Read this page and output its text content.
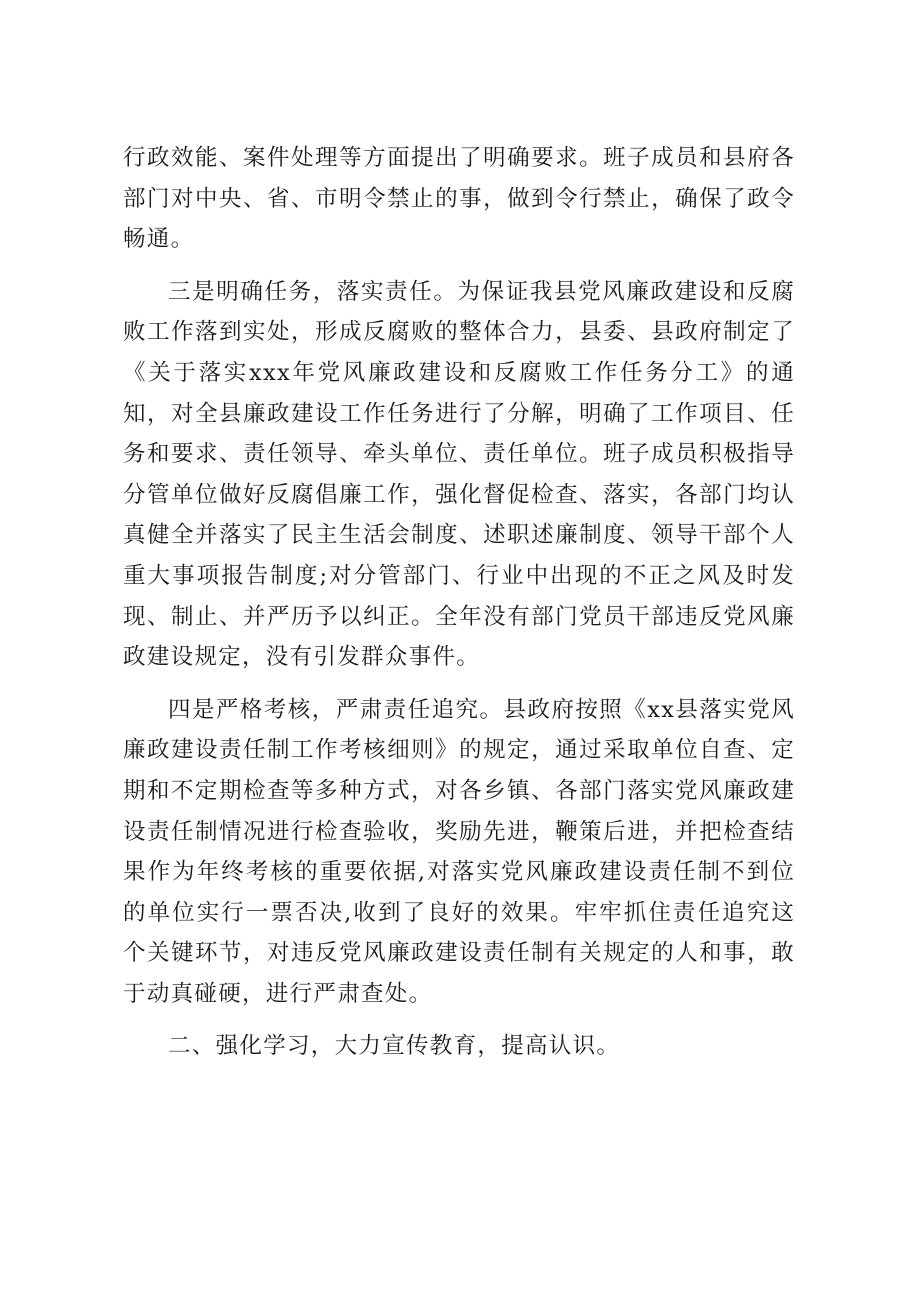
行政效能、案件处理等方面提出了明确要求。班子成员和县府各部门对中央、省、市明令禁止的事，做到令行禁止，确保了政令畅通。

三是明确任务，落实责任。为保证我县党风廉政建设和反腐败工作落到实处，形成反腐败的整体合力，县委、县政府制定了《关于落实xxx年党风廉政建设和反腐败工作任务分工》的通知，对全县廉政建设工作任务进行了分解，明确了工作项目、任务和要求、责任领导、牵头单位、责任单位。班子成员积极指导分管单位做好反腐倡廉工作，强化督促检查、落实，各部门均认真健全并落实了民主生活会制度、述职述廉制度、领导干部个人重大事项报告制度;对分管部门、行业中出现的不正之风及时发现、制止、并严历予以纠正。全年没有部门党员干部违反党风廉政建设规定，没有引发群众事件。

四是严格考核，严肃责任追究。县政府按照《xx县落实党风廉政建设责任制工作考核细则》的规定，通过采取单位自查、定期和不定期检查等多种方式，对各乡镇、各部门落实党风廉政建设责任制情况进行检查验收，奖励先进，鞭策后进，并把检查结果作为年终考核的重要依据,对落实党风廉政建设责任制不到位的单位实行一票否决,收到了良好的效果。牢牢抓住责任追究这个关键环节，对违反党风廉政建设责任制有关规定的人和事，敢于动真碰硬，进行严肃查处。

二、强化学习，大力宣传教育，提高认识。
